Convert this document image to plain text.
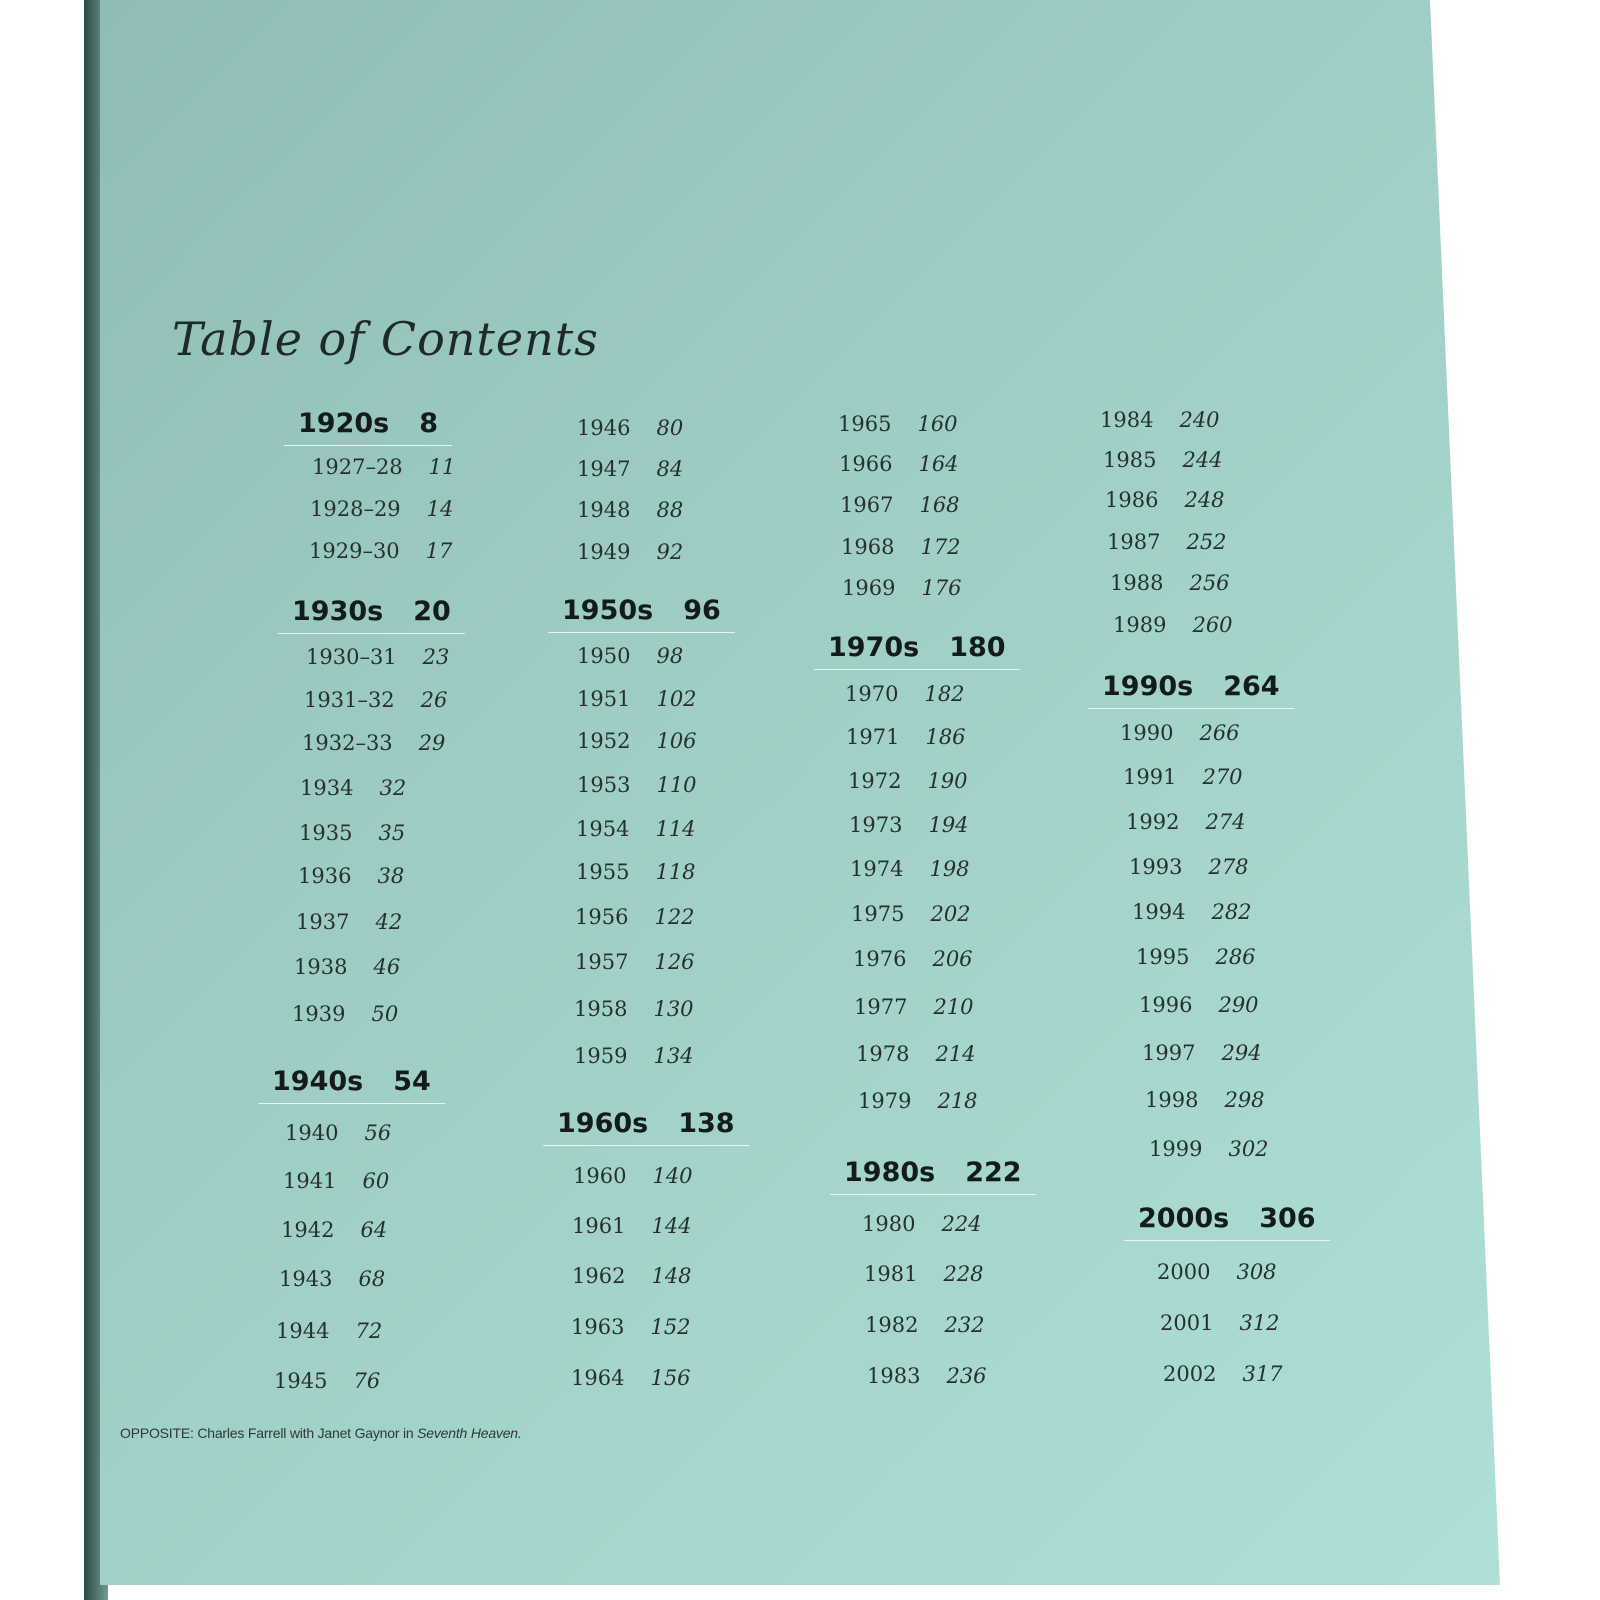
Table of Contents
1920s 8
1927–28 11
1928–29 14
1929–30 17
1930s 20
1930–31 23
1931–32 26
1932–33 29
1934 32
1935 35
1936 38
1937 42
1938 46
1939 50
1940s 54
1940 56
1941 60
1942 64
1943 68
1944 72
1945 76
1946 80
1947 84
1948 88
1949 92
1950s 96
1950 98
1951 102
1952 106
1953 110
1954 114
1955 118
1956 122
1957 126
1958 130
1959 134
1960s 138
1960 140
1961 144
1962 148
1963 152
1964 156
1965 160
1966 164
1967 168
1968 172
1969 176
1970s 180
1970 182
1971 186
1972 190
1973 194
1974 198
1975 202
1976 206
1977 210
1978 214
1979 218
1980s 222
1980 224
1981 228
1982 232
1983 236
1984 240
1985 244
1986 248
1987 252
1988 256
1989 260
1990s 264
1990 266
1991 270
1992 274
1993 278
1994 282
1995 286
1996 290
1997 294
1998 298
1999 302
2000s 306
2000 308
2001 312
2002 317
OPPOSITE: Charles Farrell with Janet Gaynor in Seventh Heaven.
